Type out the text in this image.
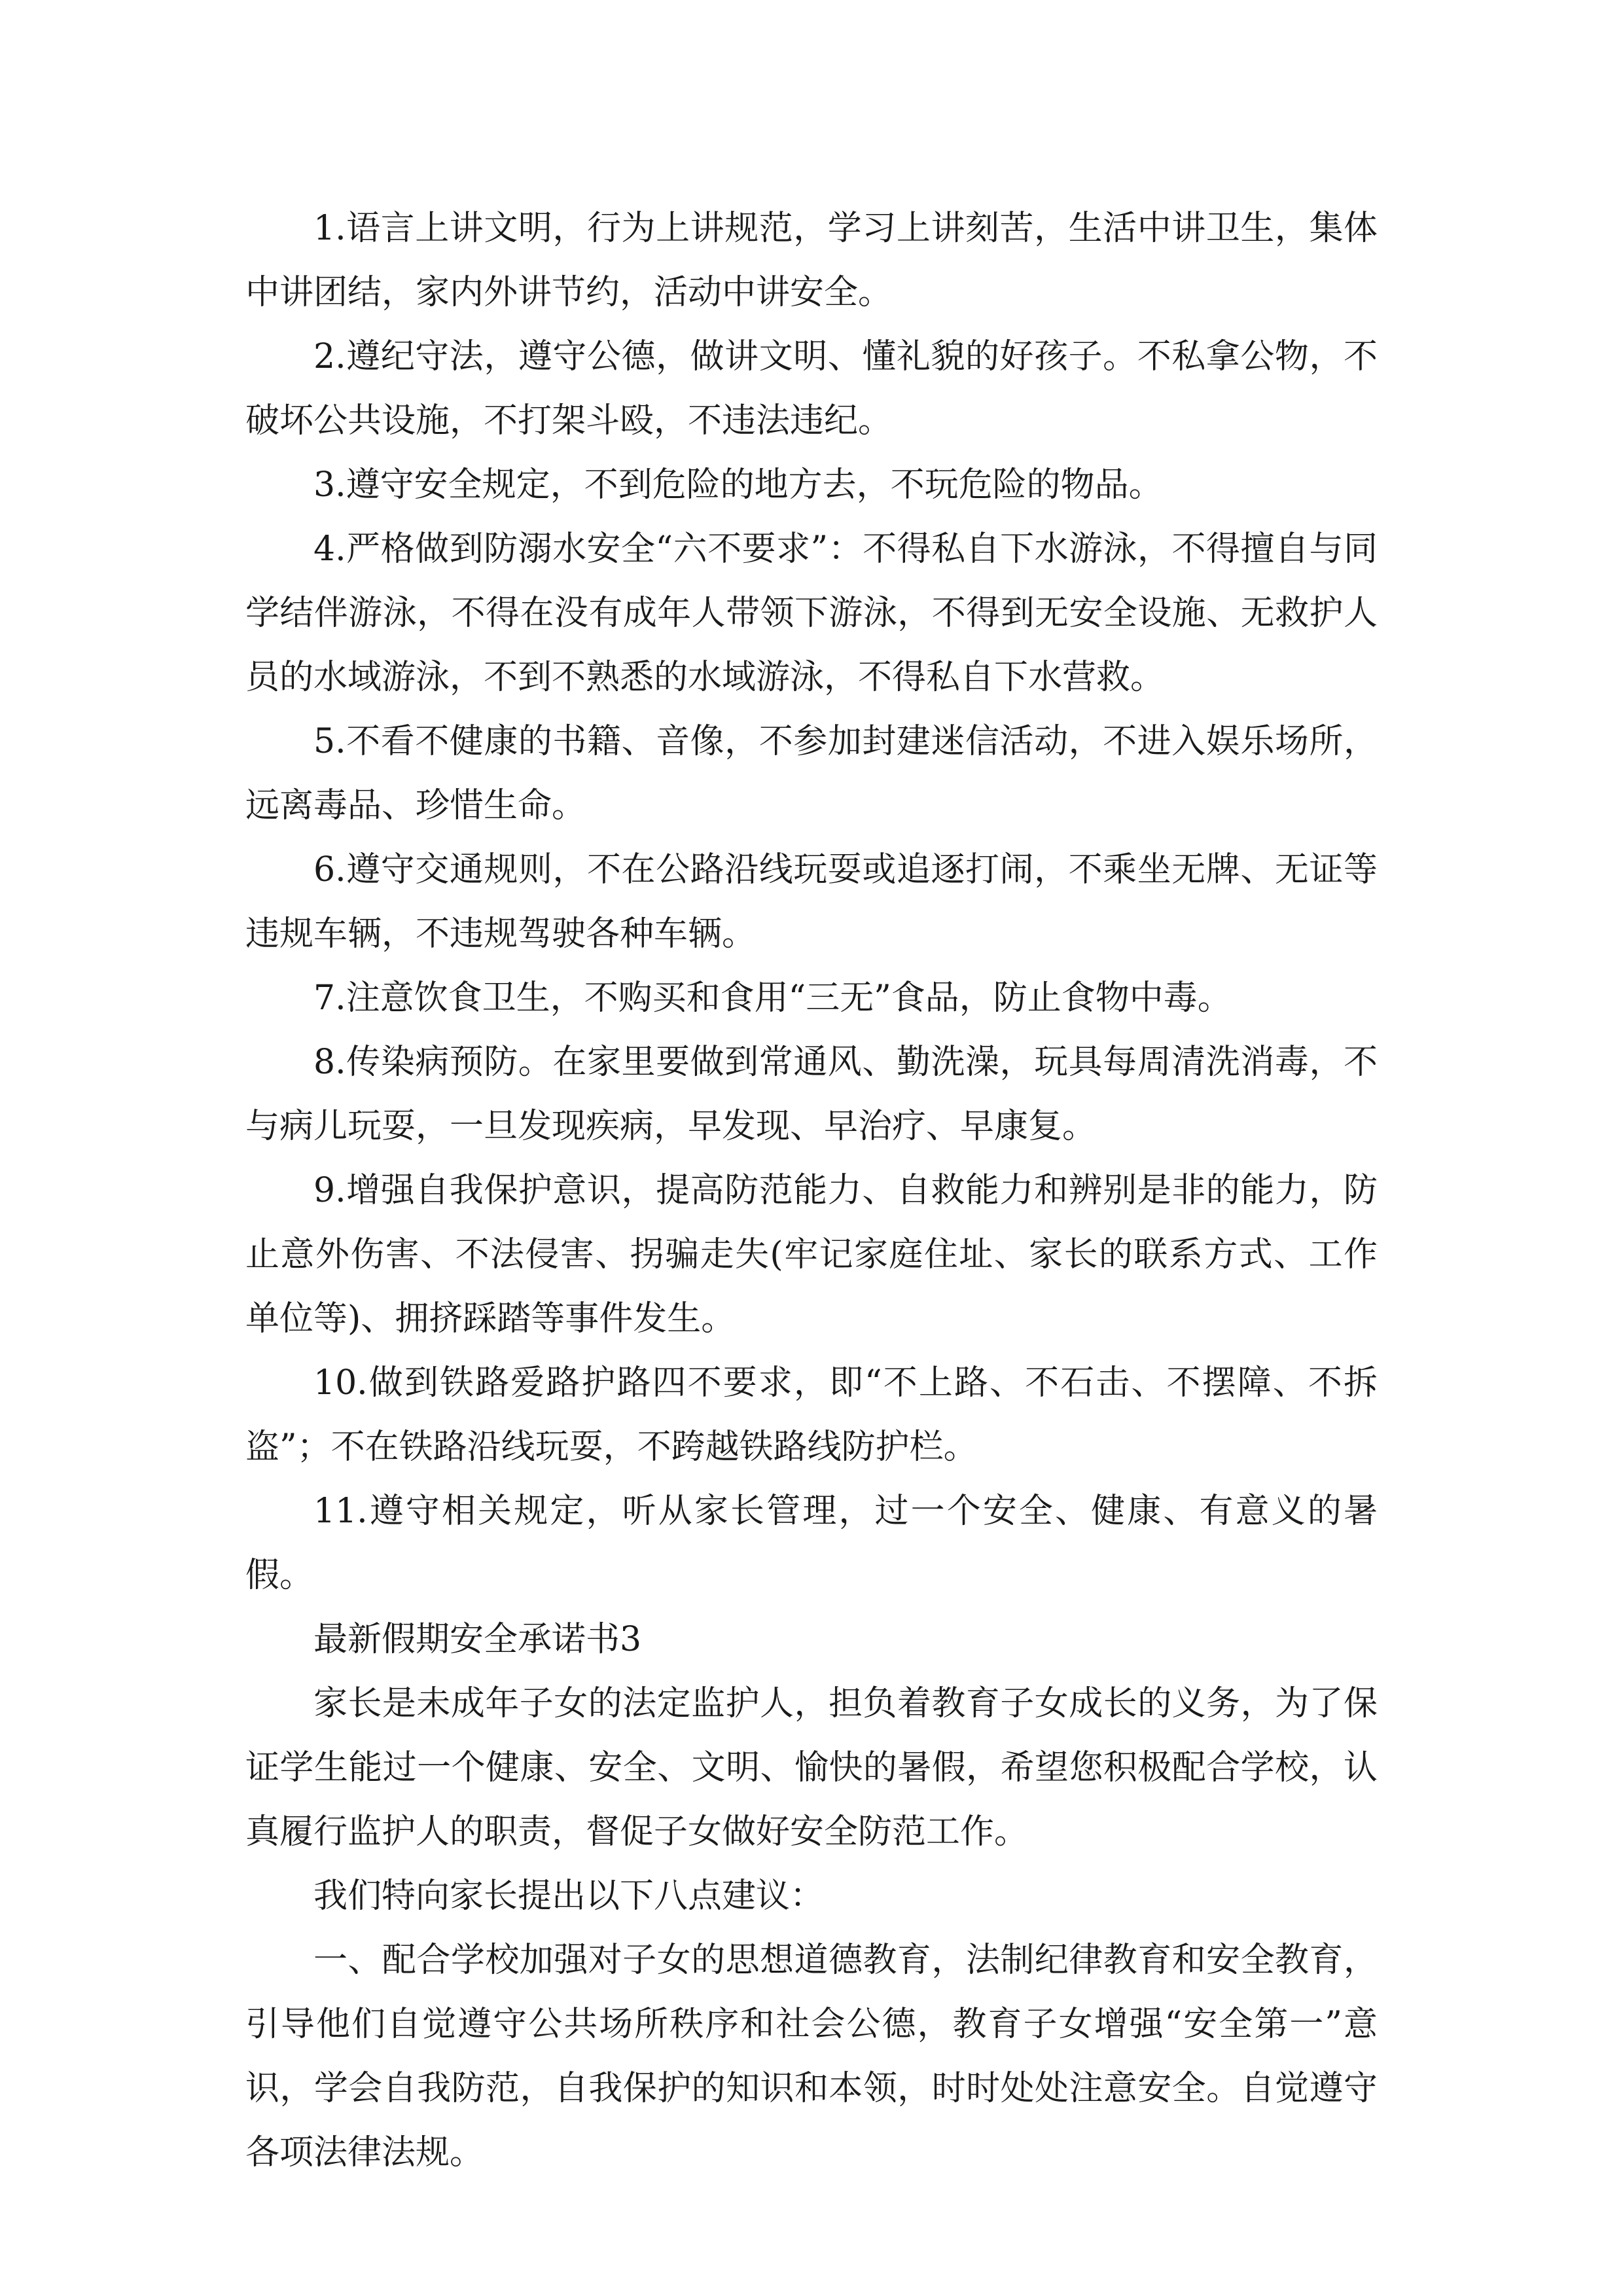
1.语言上讲文明，行为上讲规范，学习上讲刻苦，生活中讲卫生，集体中讲团结，家内外讲节约，活动中讲安全。

2.遵纪守法，遵守公德，做讲文明、懂礼貌的好孩子。不私拿公物，不破坏公共设施，不打架斗殴，不违法违纪。

3.遵守安全规定，不到危险的地方去，不玩危险的物品。

4.严格做到防溺水安全“六不要求”：不得私自下水游泳，不得擅自与同学结伴游泳，不得在没有成年人带领下游泳，不得到无安全设施、无救护人员的水域游泳，不到不熟悉的水域游泳，不得私自下水营救。

5.不看不健康的书籍、音像，不参加封建迷信活动，不进入娱乐场所，远离毒品、珍惜生命。

6.遵守交通规则，不在公路沿线玩耍或追逐打闹，不乘坐无牌、无证等违规车辆，不违规驾驶各种车辆。

7.注意饮食卫生，不购买和食用“三无”食品，防止食物中毒。

8.传染病预防。在家里要做到常通风、勤洗澡，玩具每周清洗消毒，不与病儿玩耍，一旦发现疾病，早发现、早治疗、早康复。

9.增强自我保护意识，提高防范能力、自救能力和辨别是非的能力，防止意外伤害、不法侵害、拐骗走失(牢记家庭住址、家长的联系方式、工作单位等)、拥挤踩踏等事件发生。

10.做到铁路爱路护路四不要求，即“不上路、不石击、不摆障、不拆盗”；不在铁路沿线玩耍，不跨越铁路线防护栏。

11.遵守相关规定，听从家长管理，过一个安全、健康、有意义的暑假。

最新假期安全承诺书3

家长是未成年子女的法定监护人，担负着教育子女成长的义务，为了保证学生能过一个健康、安全、文明、愉快的暑假，希望您积极配合学校，认真履行监护人的职责，督促子女做好安全防范工作。

我们特向家长提出以下八点建议：

一、配合学校加强对子女的思想道德教育，法制纪律教育和安全教育，引导他们自觉遵守公共场所秩序和社会公德，教育子女增强“安全第一”意识，学会自我防范，自我保护的知识和本领，时时处处注意安全。自觉遵守各项法律法规。
